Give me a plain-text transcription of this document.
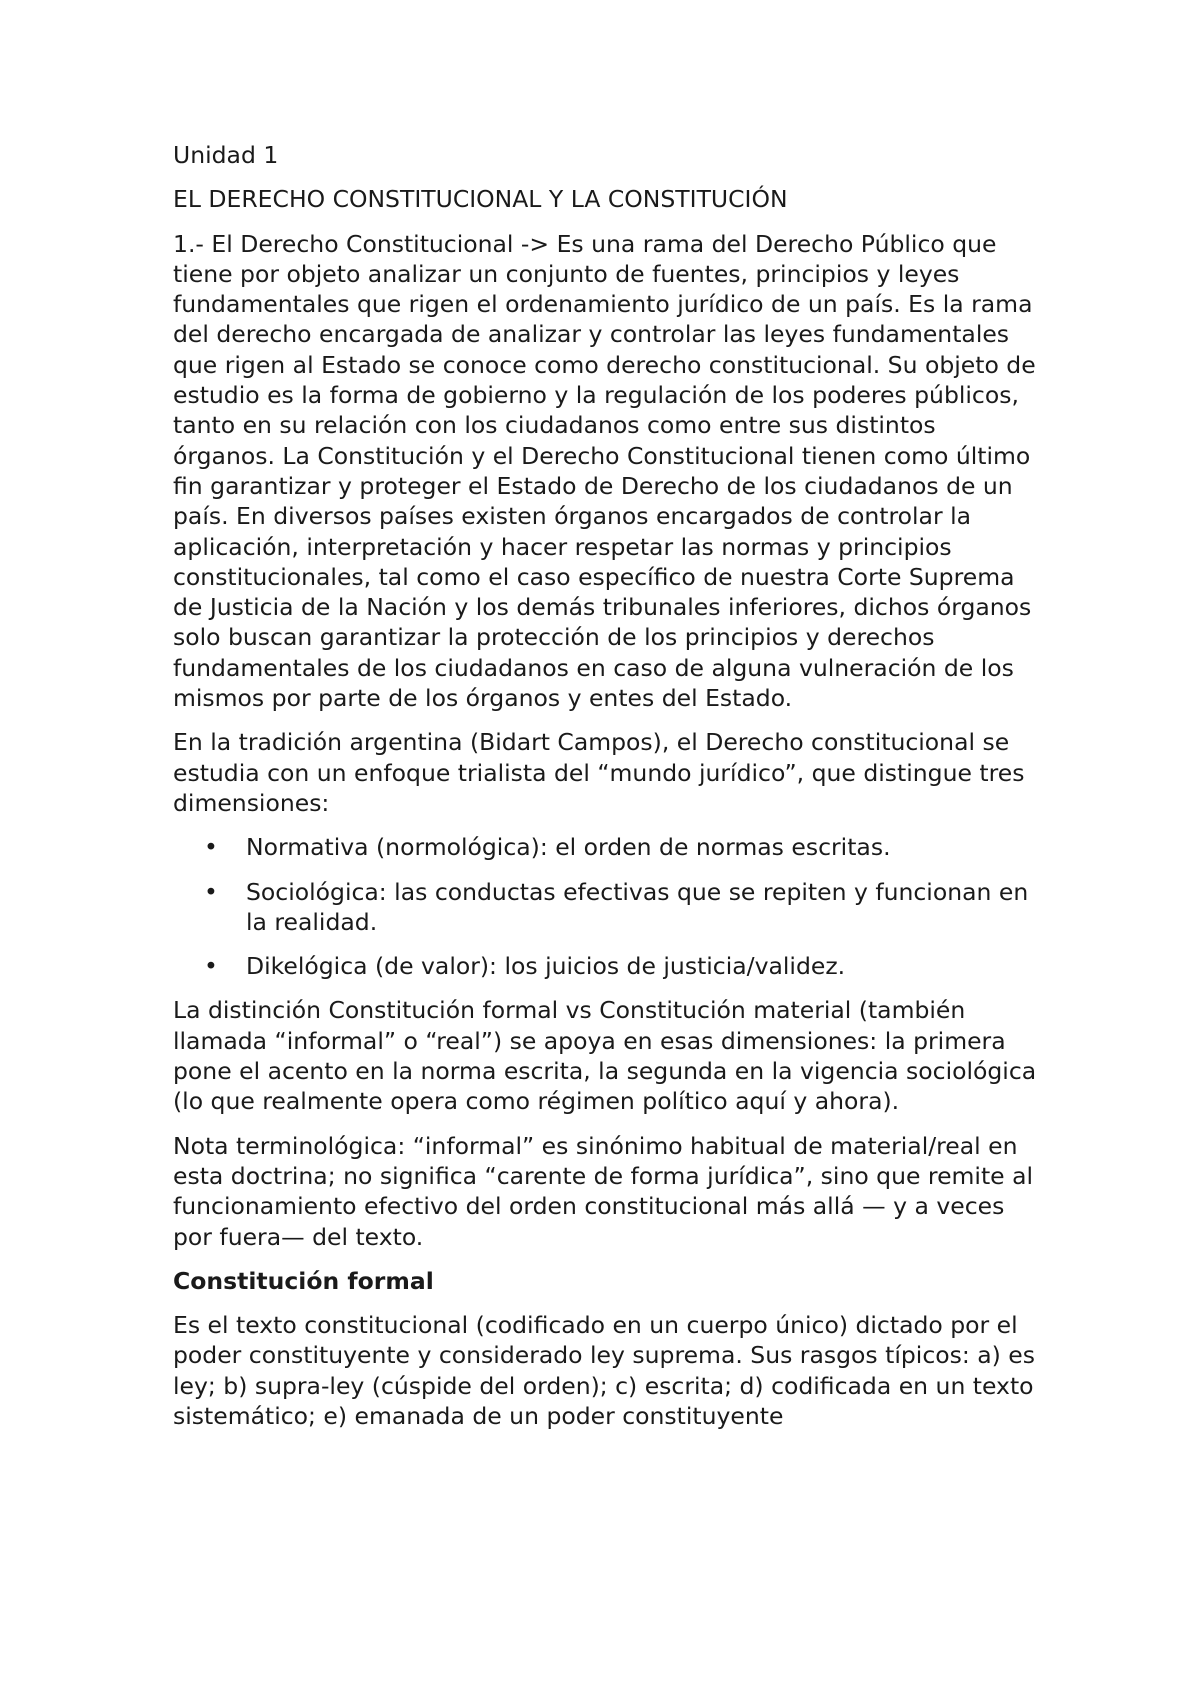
Unidad 1

EL DERECHO CONSTITUCIONAL Y LA CONSTITUCIÓN

1.- El Derecho Constitucional -> Es una rama del Derecho Público que tiene por objeto analizar un conjunto de fuentes, principios y leyes fundamentales que rigen el ordenamiento jurídico de un país. Es la rama del derecho encargada de analizar y controlar las leyes fundamentales que rigen al Estado se conoce como derecho constitucional. Su objeto de estudio es la forma de gobierno y la regulación de los poderes públicos, tanto en su relación con los ciudadanos como entre sus distintos órganos. La Constitución y el Derecho Constitucional tienen como último fin garantizar y proteger el Estado de Derecho de los ciudadanos de un país. En diversos países existen órganos encargados de controlar la aplicación, interpretación y hacer respetar las normas y principios constitucionales, tal como el caso específico de nuestra Corte Suprema de Justicia de la Nación y los demás tribunales inferiores, dichos órganos solo buscan garantizar la protección de los principios y derechos fundamentales de los ciudadanos en caso de alguna vulneración de los mismos por parte de los órganos y entes del Estado.

En la tradición argentina (Bidart Campos), el Derecho constitucional se estudia con un enfoque trialista del “mundo jurídico”, que distingue tres dimensiones:

• Normativa (normológica): el orden de normas escritas.
• Sociológica: las conductas efectivas que se repiten y funcionan en la realidad.
• Dikelógica (de valor): los juicios de justicia/validez.

La distinción Constitución formal vs Constitución material (también llamada “informal” o “real”) se apoya en esas dimensiones: la primera pone el acento en la norma escrita, la segunda en la vigencia sociológica (lo que realmente opera como régimen político aquí y ahora).

Nota terminológica: “informal” es sinónimo habitual de material/real en esta doctrina; no significa “carente de forma jurídica”, sino que remite al funcionamiento efectivo del orden constitucional más allá — y a veces por fuera— del texto.

Constitución formal

Es el texto constitucional (codificado en un cuerpo único) dictado por el poder constituyente y considerado ley suprema. Sus rasgos típicos: a) es ley; b) supra-ley (cúspide del orden); c) escrita; d) codificada en un texto sistemático; e) emanada de un poder constituyente
